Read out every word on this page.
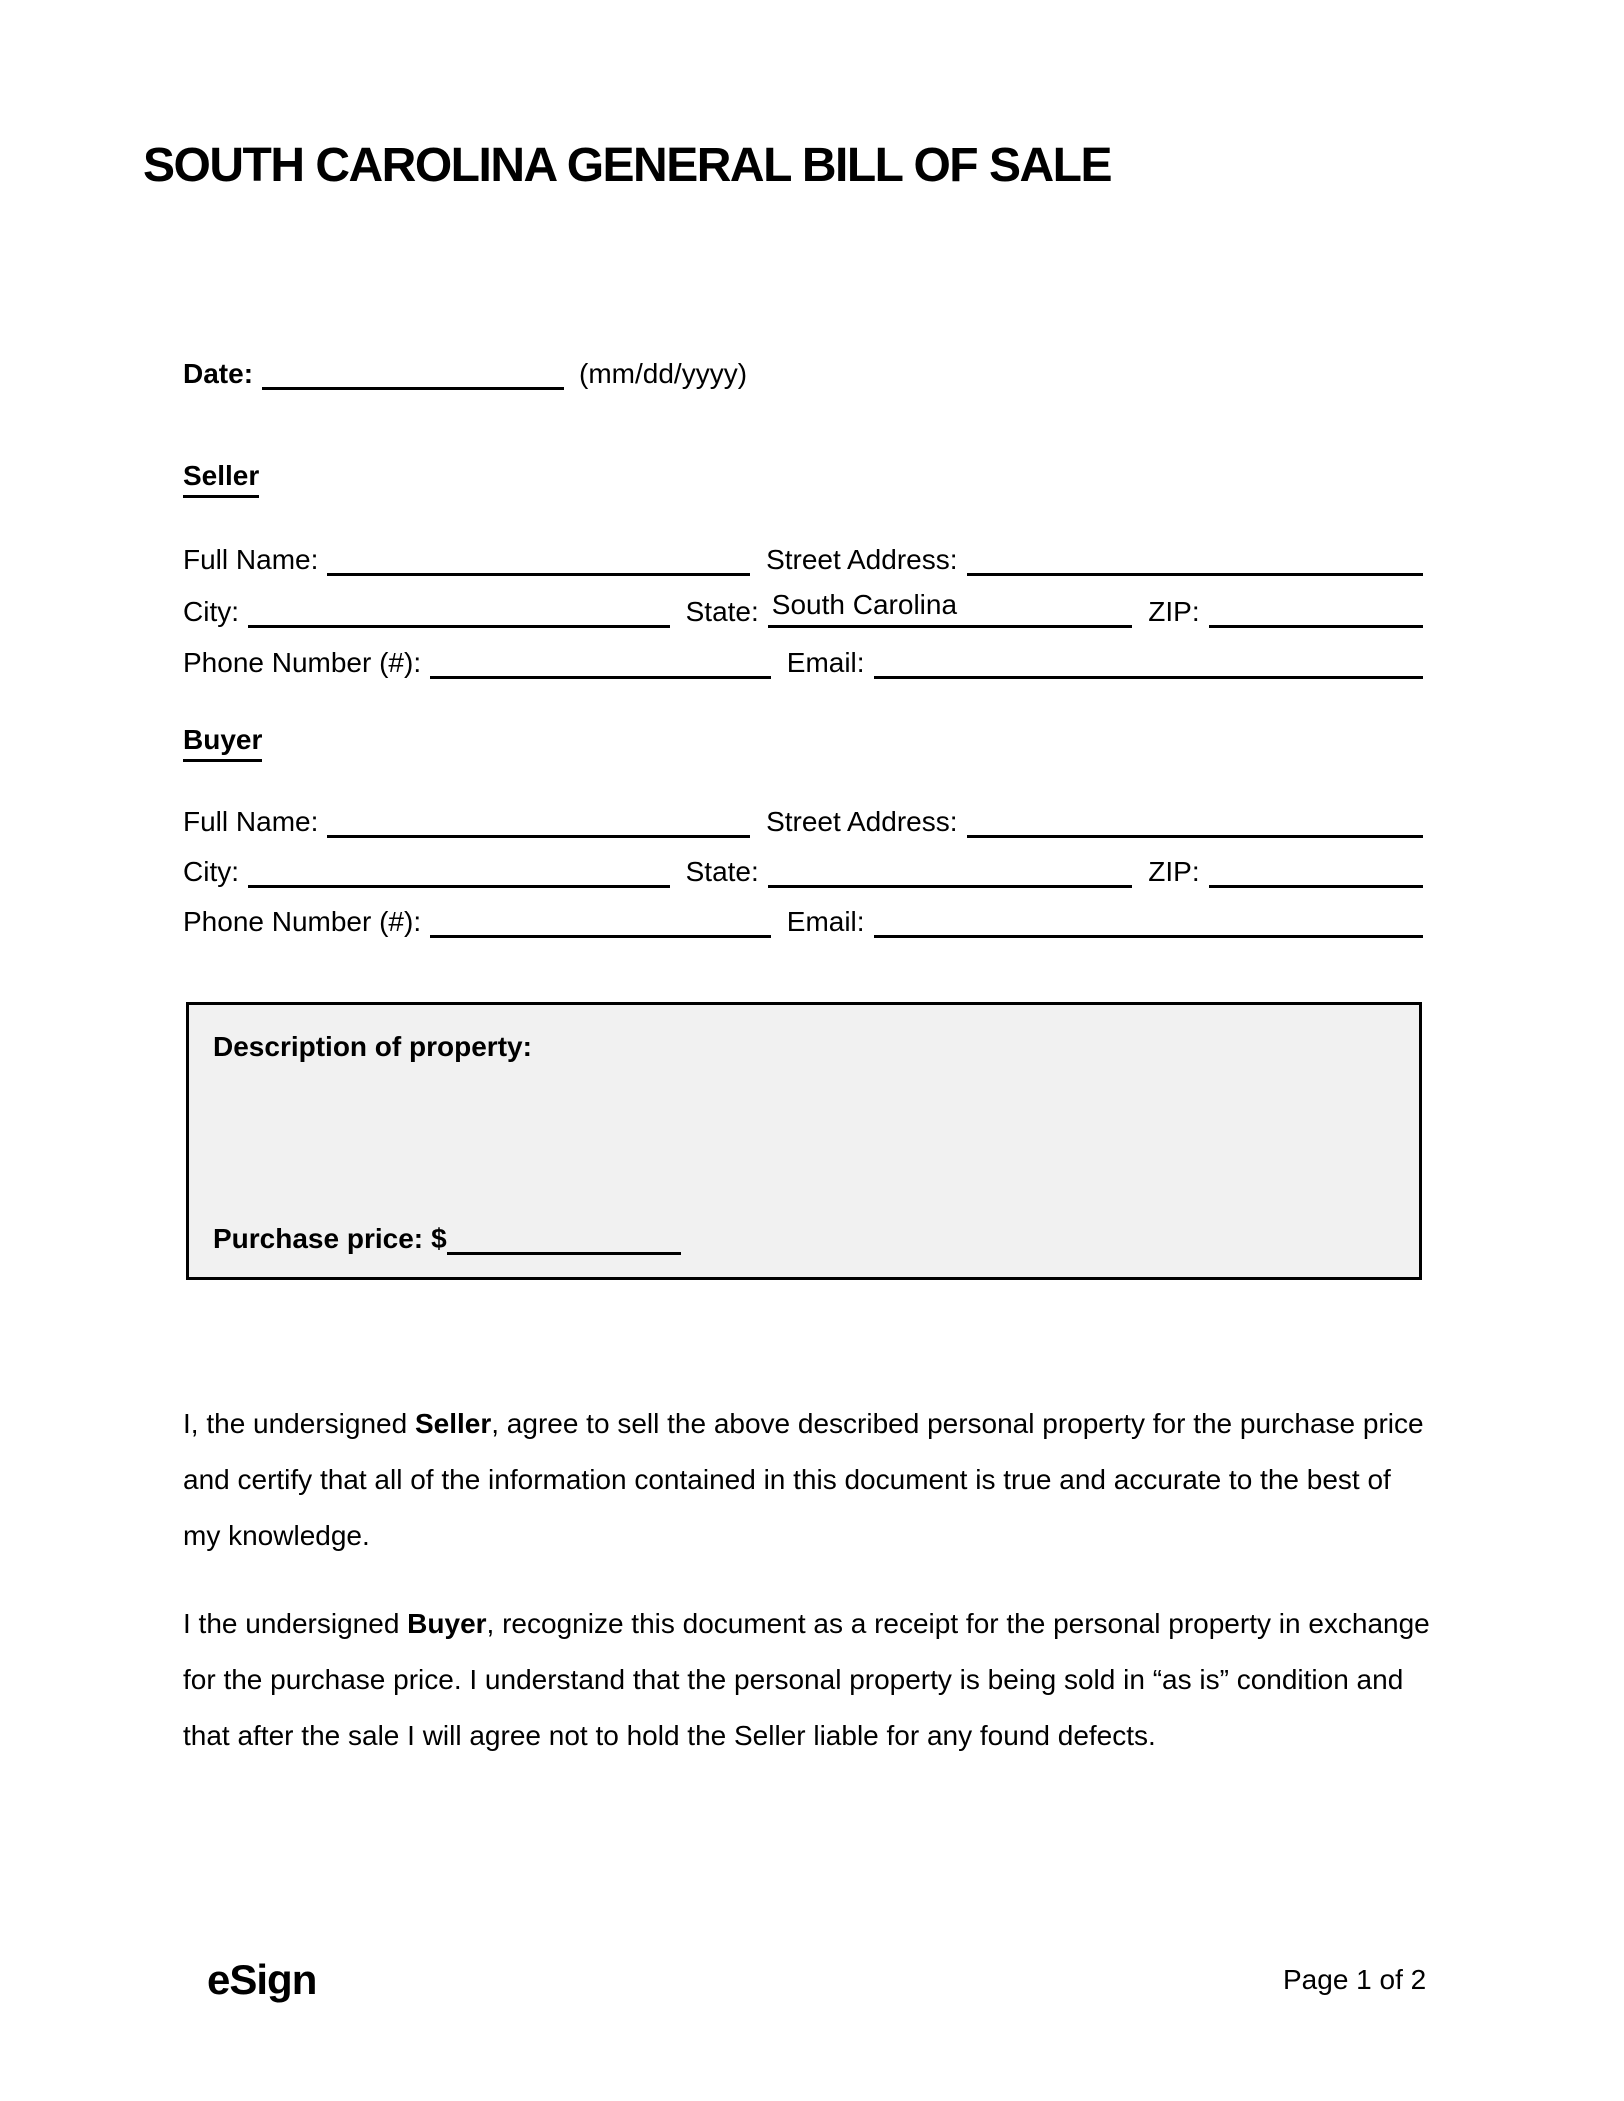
SOUTH CAROLINA GENERAL BILL OF SALE
Date:	(mm/dd/yyyy)
Seller
Full Name:	Street Address:
City:	State: South Carolina	ZIP:
Phone Number (#):	Email:
Buyer
Full Name:	Street Address:
City:	State:	ZIP:
Phone Number (#):	Email:
Description of property:
Purchase price: $

I, the undersigned Seller, agree to sell the above described personal property for the purchase price and certify that all of the information contained in this document is true and accurate to the best of my knowledge.

I the undersigned Buyer, recognize this document as a receipt for the personal property in exchange for the purchase price. I understand that the personal property is being sold in “as is” condition and that after the sale I will agree not to hold the Seller liable for any found defects.

eSign	Page 1 of 2
